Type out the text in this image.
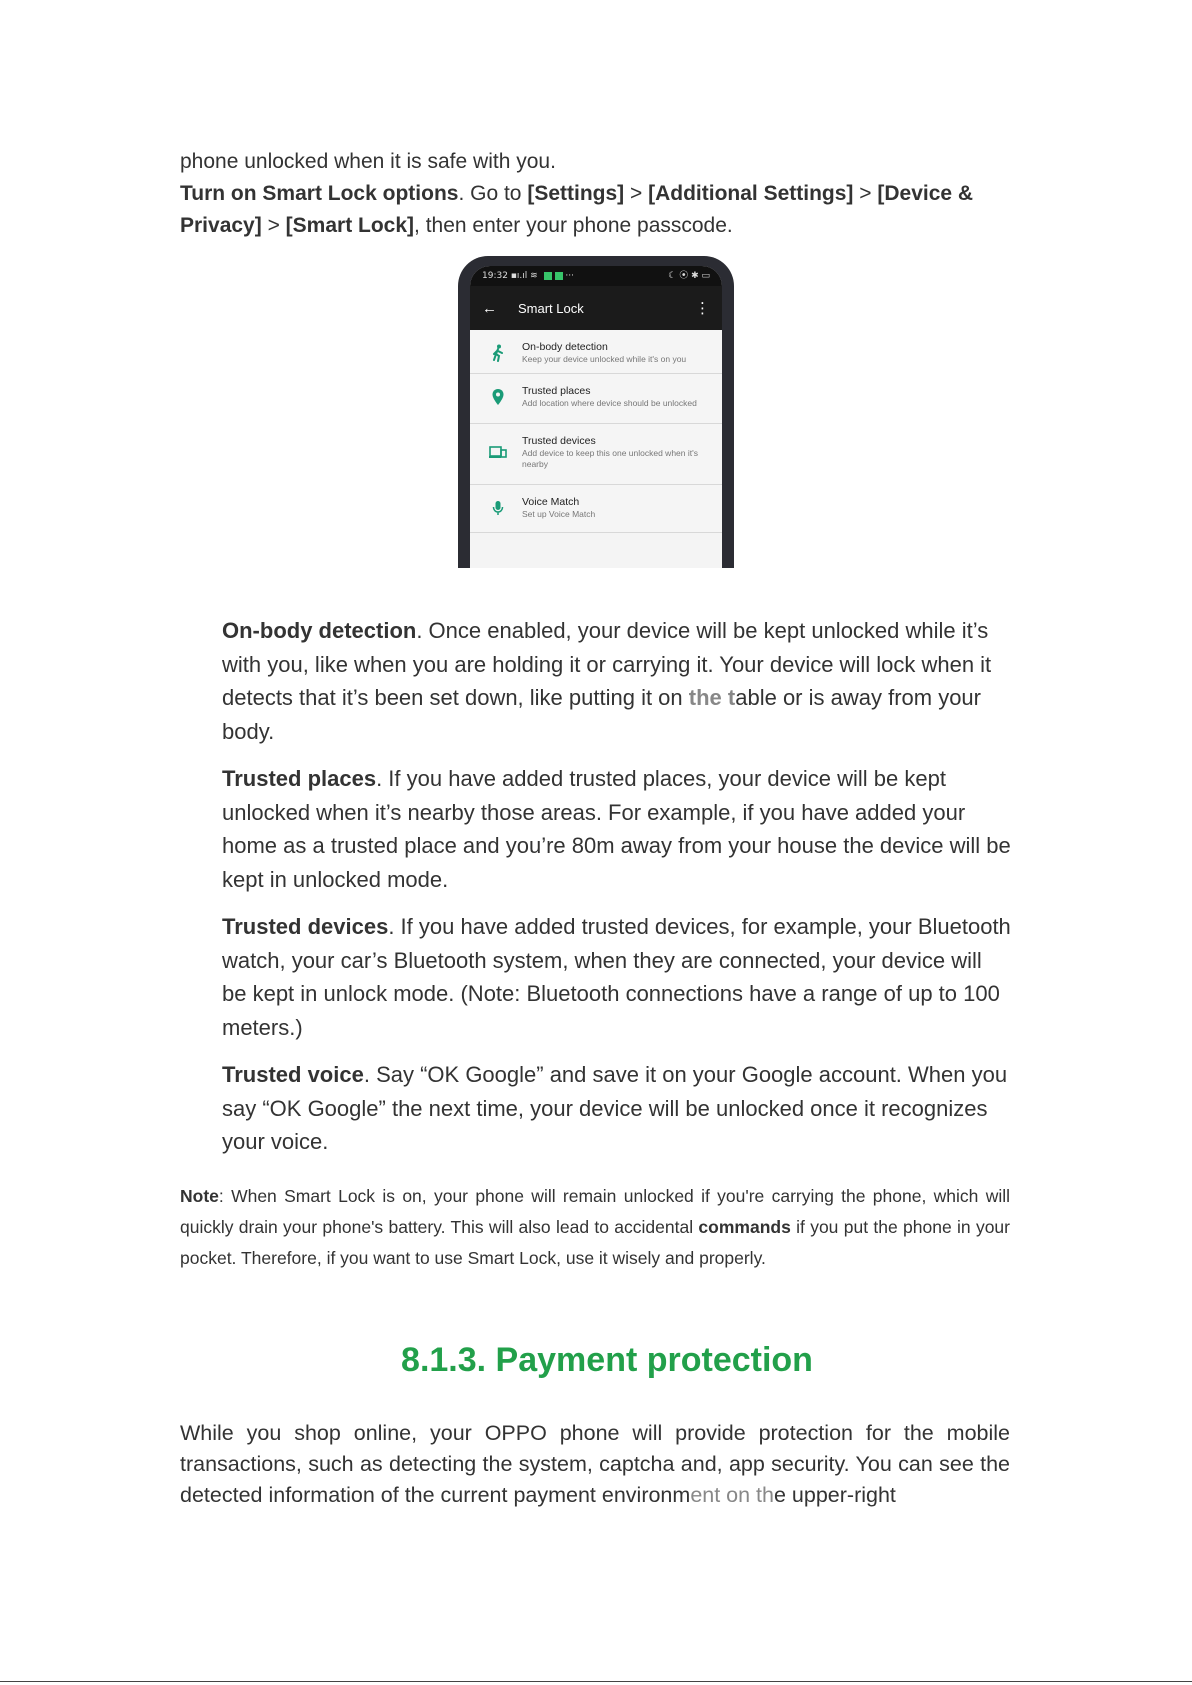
phone unlocked when it is safe with you.

Turn on Smart Lock options. Go to [Settings] > [Additional Settings] > [Device & Privacy] > [Smart Lock], then enter your phone passcode.

19:32 ▪ı.ıl ≋  ···	☾ ⦿ ✱ ▭
←	Smart Lock	⋮
On-body detection
Keep your device unlocked while it's on you
Trusted places
Add location where device should be unlocked
Trusted devices
Add device to keep this one unlocked when it's nearby
Voice Match
Set up Voice Match

On-body detection. Once enabled, your device will be kept unlocked while it’s with you, like when you are holding it or carrying it. Your device will lock when it detects that it’s been set down, like putting it on the table or is away from your body.

Trusted places. If you have added trusted places, your device will be kept unlocked when it’s nearby those areas. For example, if you have added your home as a trusted place and you’re 80m away from your house the device will be kept in unlocked mode.

Trusted devices. If you have added trusted devices, for example, your Bluetooth watch, your car’s Bluetooth system, when they are connected, your device will be kept in unlock mode. (Note: Bluetooth connections have a range of up to 100 meters.)

Trusted voice. Say “OK Google” and save it on your Google account. When you say “OK Google” the next time, your device will be unlocked once it recognizes your voice.

Note: When Smart Lock is on, your phone will remain unlocked if you're carrying the phone, which will quickly drain your phone's battery. This will also lead to accidental commands if you put the phone in your pocket. Therefore, if you want to use Smart Lock, use it wisely and properly.

8.1.3. Payment protection

While you shop online, your OPPO phone will provide protection for the mobile transactions, such as detecting the system, captcha and, app security. You can see the detected information of the current payment environment on the upper-right
